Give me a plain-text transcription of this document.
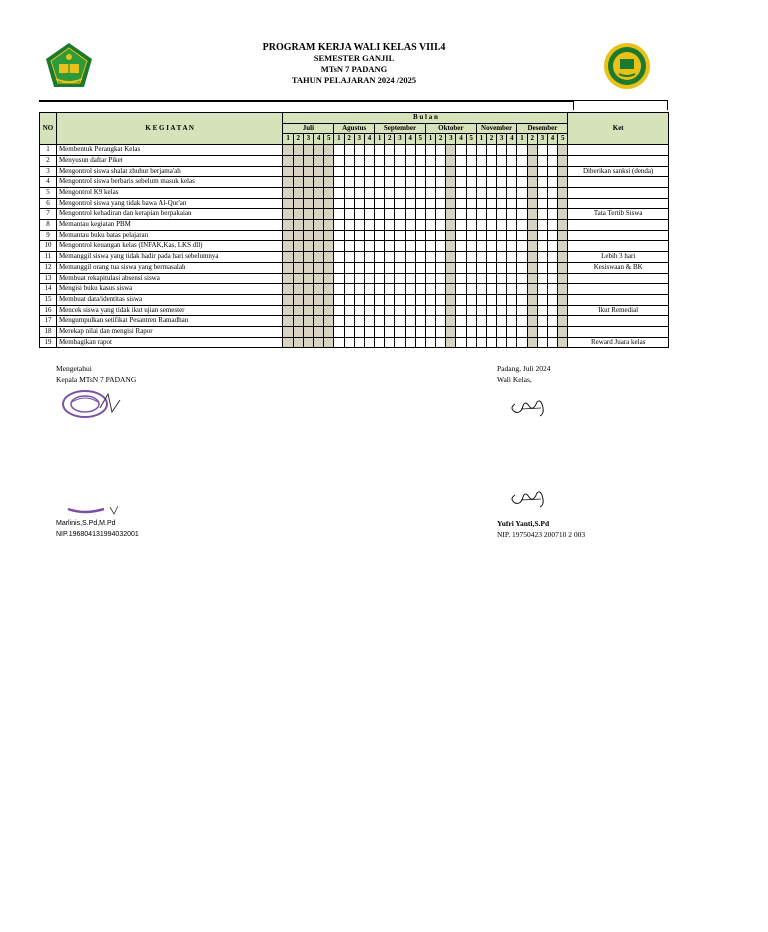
PROGRAM KERJA WALI KELAS VIII.4
SEMESTER GANJIL
MTsN 7 PADANG
TAHUN PELAJARAN 2024 /2025
NO	K E G I A T A N	B u l a n																												Ket
		Juli					Agustus				September					Oktober					November				Desember					
		1	2	3	4	5	1	2	3	4	1	2	3	4	5	1	2	3	4	5	1	2	3	4	1	2	3	4	5	
1	Membentuk Perangkat Kelas																													
2	Menyusun daftar Piket																													
3	Mengontrol siswa shalat zhuhur berjama'ah																													Diberikan sanksi (denda)
4	Mengontrol siswa berbaris sebelum masuk kelas																													
5	Mengontrol K9 kelas																													
6	Mengontrol siswa yang tidak bawa Al-Qur'an																													
7	Mengontrol kehadiran dan kerapian berpakaian																													Tata Tertib Siswa
8	Memantau kegiatan PBM																													
9	Memantau buku batas pelajaran																													
10	Mengontrol keuangan kelas (INFAK,Kas, LKS dll)																													
11	Memanggil siswa yang tidak hadir pada hari sebelumnya																													Lebih 3 hari
12	Memanggil orang tua siswa yang bermasalah																													Kesiswaan & BK
13	Membuat rekapitulasi absensi siswa																													
14	Mengisi buku kasus siswa																													
15	Membuat data/identitas siswa																													
16	Mencek siswa yang tidak ikut ujian semester																													Ikut Remedial
17	Mengumpulkan setifikat Pesantren Ramadhan																													
18	Merekap nilai dan mengisi Rapor																													
19	Membagikan rapot																													Reward Juara kelas
Mengetahui
Kepala MTsN 7 PADANG
Marlinis,S.Pd,M.Pd
NIP.196804131994032001
Padang, Juli 2024
Wali Kelas,
Yufri Yanti,S.Pd
NIP. 19750423 200710 2 003
